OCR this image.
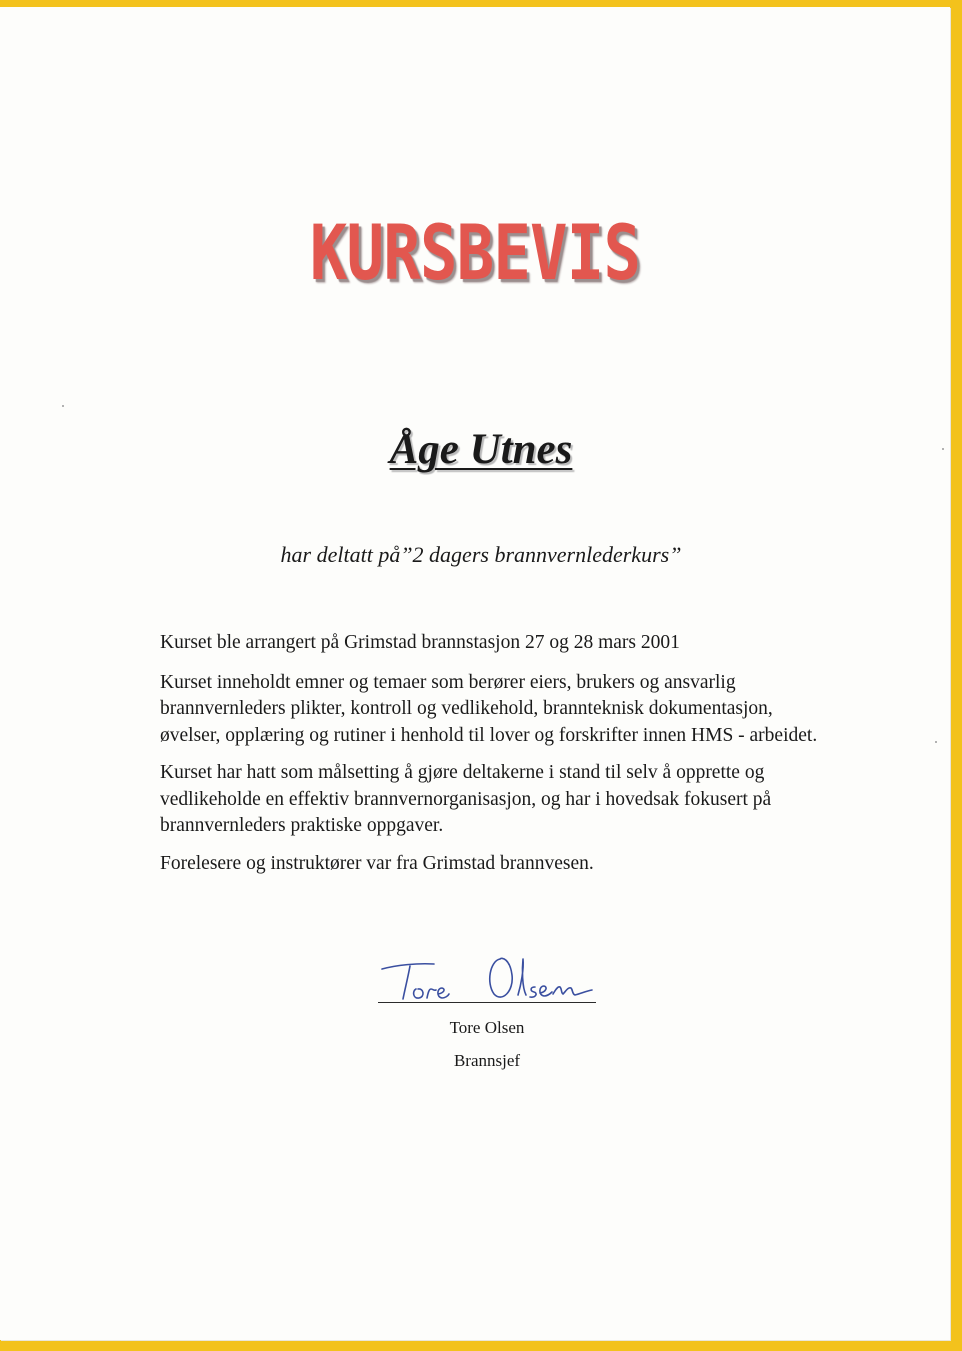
KURSBEVIS
Åge Utnes
har deltatt på”2 dagers brannvernlederkurs”

Kurset ble arrangert på Grimstad brannstasjon 27 og 28 mars 2001

Kurset inneholdt emner og temaer som berører eiers, brukers og ansvarlig brannvernleders plikter, kontroll og vedlikehold, brannteknisk dokumentasjon, øvelser, opplæring og rutiner i henhold til lover og forskrifter innen HMS - arbeidet.

Kurset har hatt som målsetting å gjøre deltakerne i stand til selv å opprette og vedlikeholde en effektiv brannvernorganisasjon, og har i hovedsak fokusert på brannvernleders praktiske oppgaver.

Forelesere og instruktører var fra Grimstad brannvesen.

Tore Olsen
Brannsjef
